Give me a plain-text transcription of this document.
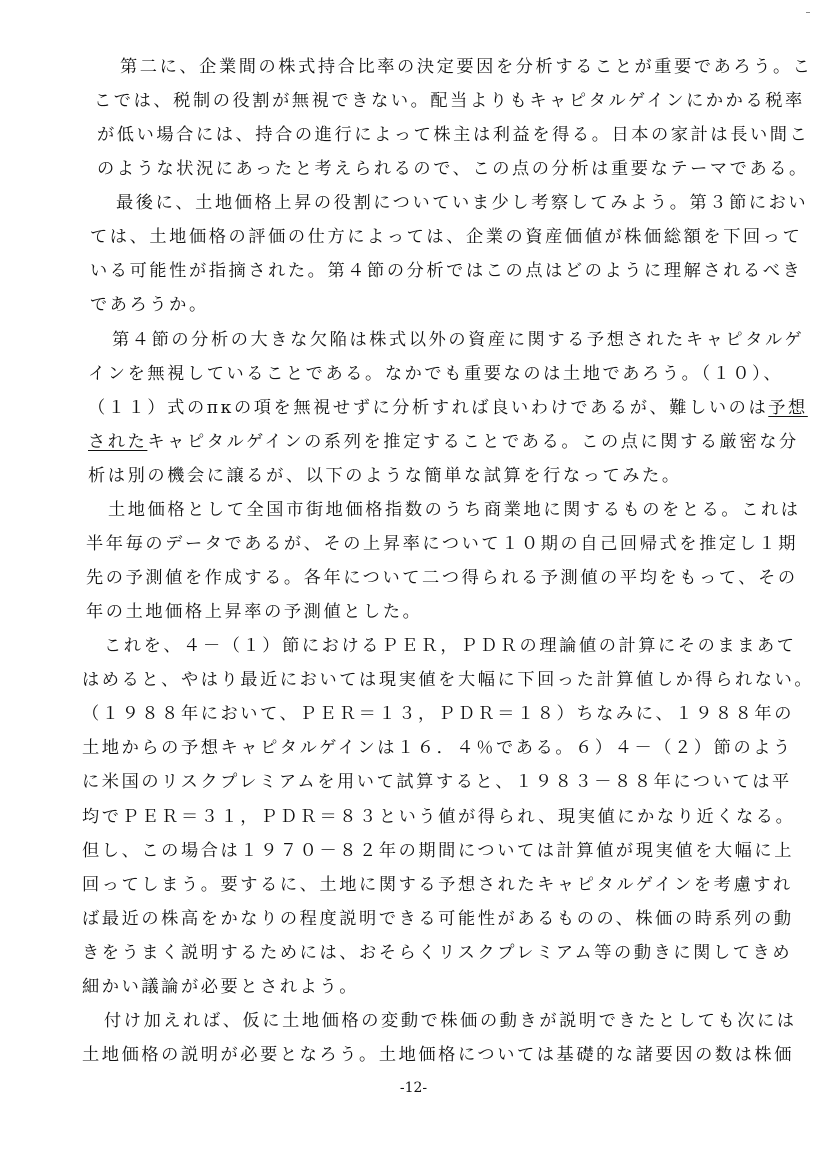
第二に、企業間の株式持合比率の決定要因を分析することが重要であろう。こ
こでは、税制の役割が無視できない。配当よりもキャピタルゲインにかかる税率
が低い場合には、持合の進行によって株主は利益を得る。日本の家計は長い間こ
のような状況にあったと考えられるので、この点の分析は重要なテーマである。
最後に、土地価格上昇の役割についていま少し考察してみよう。第３節におい
ては、土地価格の評価の仕方によっては、企業の資産価値が株価総額を下回って
いる可能性が指摘された。第４節の分析ではこの点はどのように理解されるべき
であろうか。
第４節の分析の大きな欠陥は株式以外の資産に関する予想されたキャピタルゲ
インを無視していることである。なかでも重要なのは土地であろう。（１０）、
（１１）式のπκの項を無視せずに分析すれば良いわけであるが、難しいのは予想
されたキャピタルゲインの系列を推定することである。この点に関する厳密な分
析は別の機会に譲るが、以下のような簡単な試算を行なってみた。
土地価格として全国市街地価格指数のうち商業地に関するものをとる。これは
半年毎のデータであるが、その上昇率について１０期の自己回帰式を推定し１期
先の予測値を作成する。各年について二つ得られる予測値の平均をもって、その
年の土地価格上昇率の予測値とした。
これを、４－（１）節におけるＰＥＲ，ＰＤＲの理論値の計算にそのままあて
はめると、やはり最近においては現実値を大幅に下回った計算値しか得られない。
（１９８８年において、ＰＥＲ＝１３，ＰＤＲ＝１８）ちなみに、１９８８年の
土地からの予想キャピタルゲインは１６．４％である。６）４－（２）節のよう
に米国のリスクプレミアムを用いて試算すると、１９８３－８８年については平
均でＰＥＲ＝３１，ＰＤＲ＝８３という値が得られ、現実値にかなり近くなる。
但し、この場合は１９７０－８２年の期間については計算値が現実値を大幅に上
回ってしまう。要するに、土地に関する予想されたキャピタルゲインを考慮すれ
ば最近の株高をかなりの程度説明できる可能性があるものの、株価の時系列の動
きをうまく説明するためには、おそらくリスクプレミアム等の動きに関してきめ
細かい議論が必要とされよう。
付け加えれば、仮に土地価格の変動で株価の動きが説明できたとしても次には
土地価格の説明が必要となろう。土地価格については基礎的な諸要因の数は株価
-12-
